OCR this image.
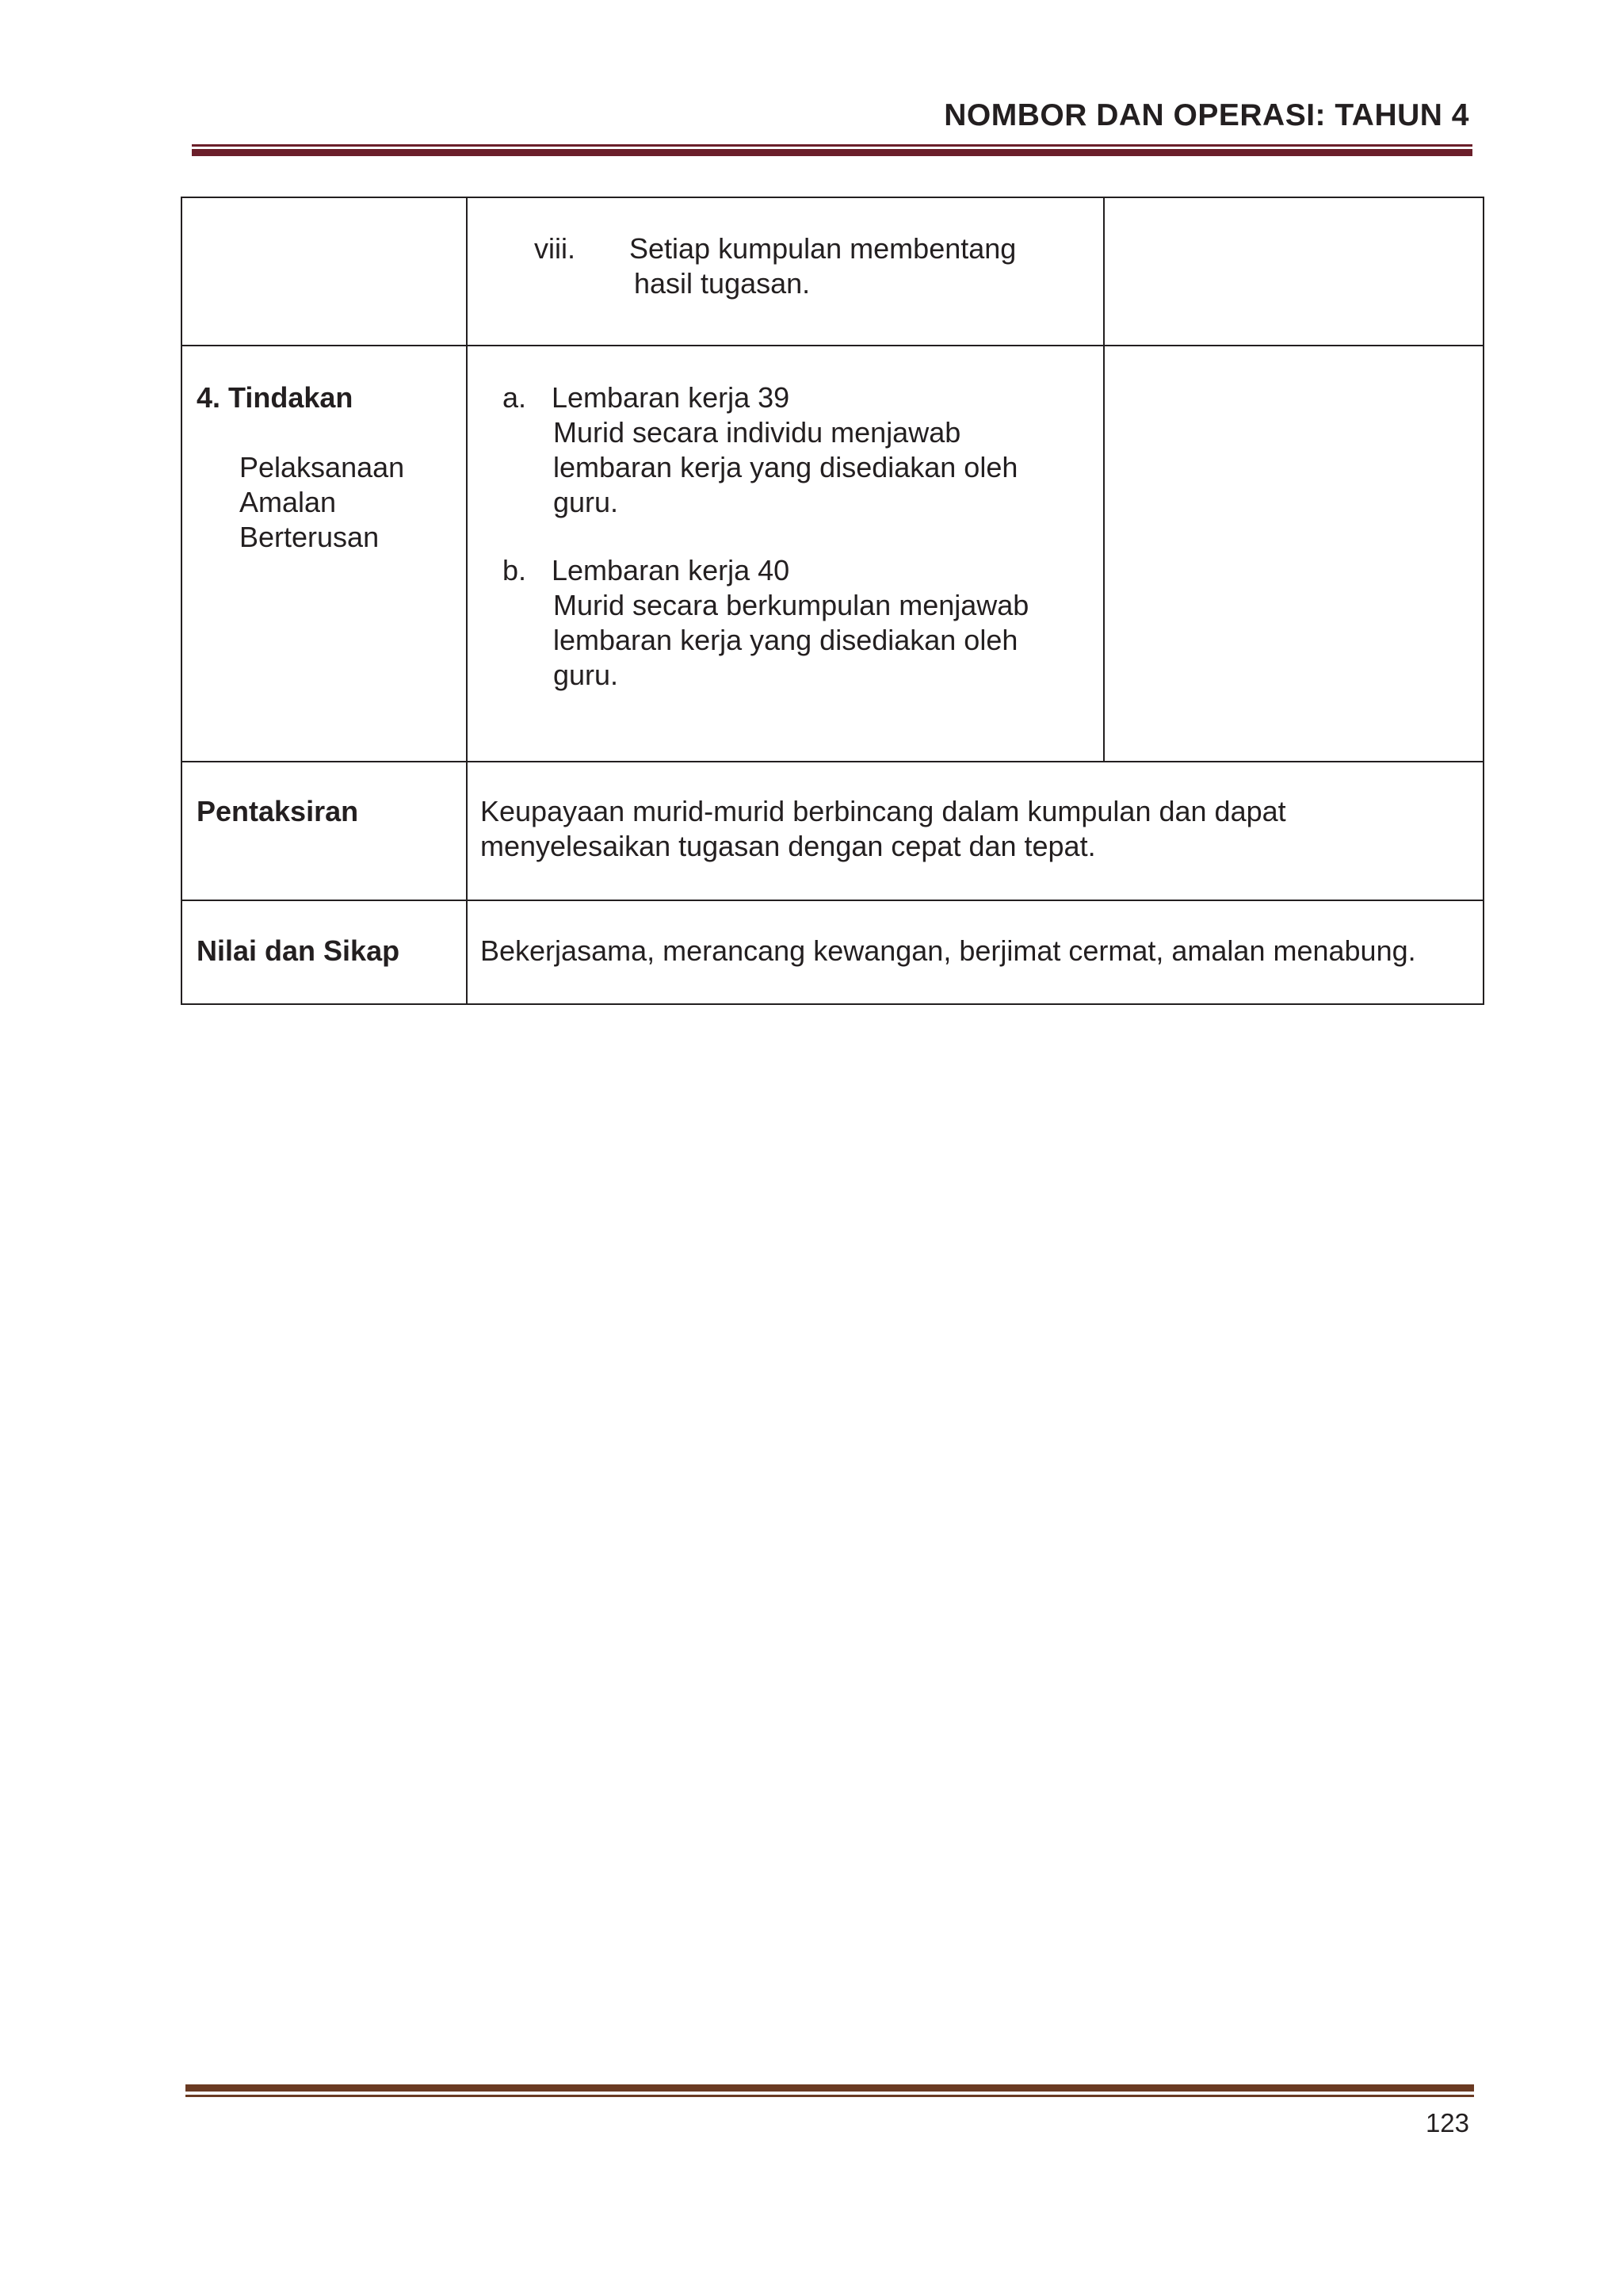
NOMBOR DAN OPERASI: TAHUN 4
viii. Setiap kumpulan membentang
hasil tugasan.
4. Tindakan
Pelaksanaan
Amalan
Berterusan
a. Lembaran kerja 39
Murid secara individu menjawab
lembaran kerja yang disediakan oleh
guru.
b. Lembaran kerja 40
Murid secara berkumpulan menjawab
lembaran kerja yang disediakan oleh
guru.
Pentaksiran	Keupayaan murid-murid berbincang dalam kumpulan dan dapat
menyelesaikan tugasan dengan cepat dan tepat.
Nilai dan Sikap	Bekerjasama, merancang kewangan, berjimat cermat, amalan menabung.
123
